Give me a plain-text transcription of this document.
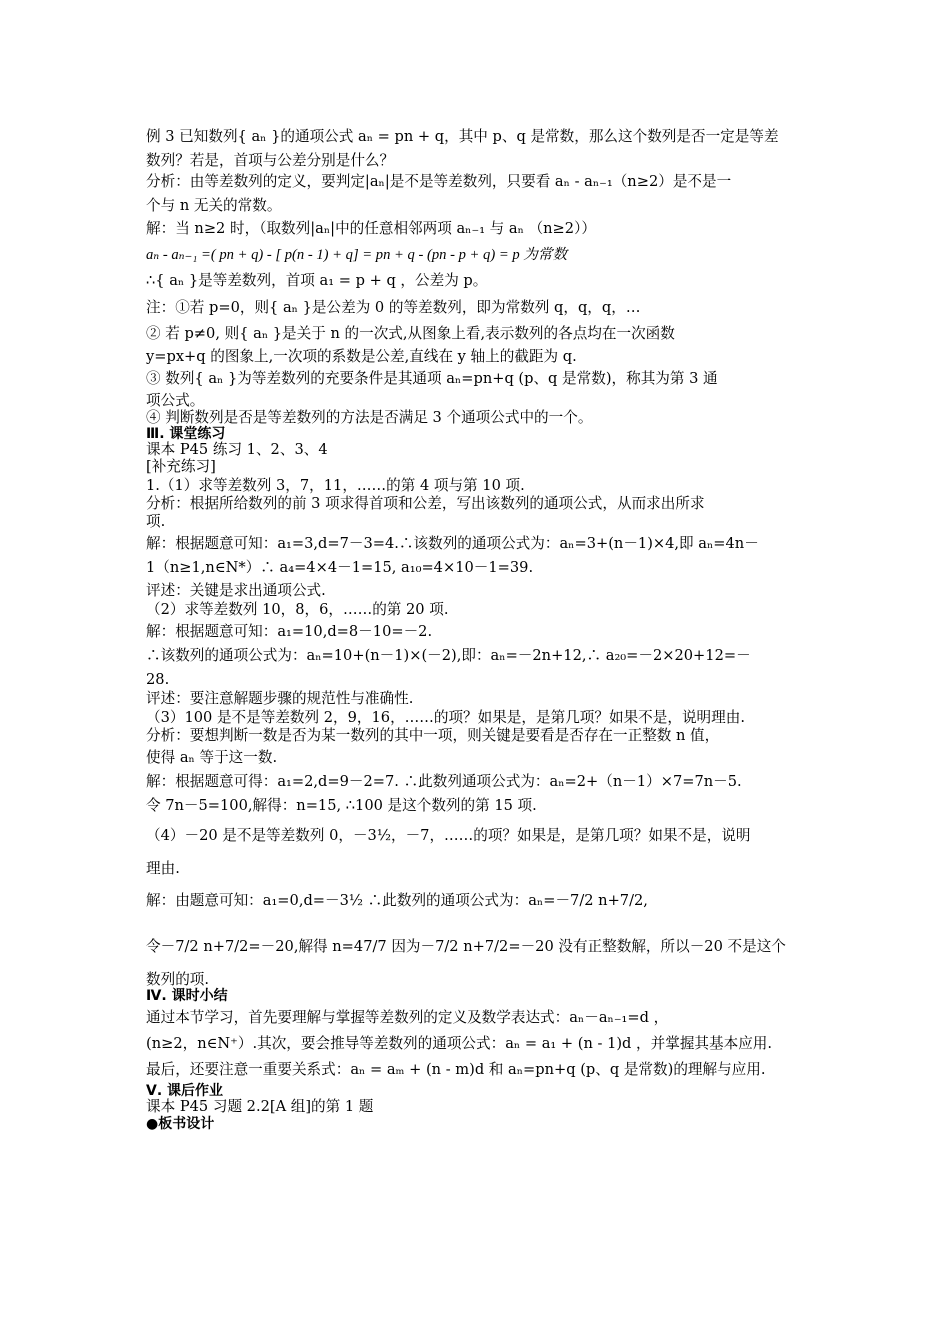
例 3 已知数列{ aₙ }的通项公式 aₙ = pn + q，其中 p、q 是常数，那么这个数列是否一定是等差
数列？若是，首项与公差分别是什么？
分析：由等差数列的定义，要判定|aₙ|是不是等差数列，只要看 aₙ - aₙ₋₁（n≥2）是不是一
个与 n 无关的常数。
解：当 n≥2 时，（取数列|aₙ|中的任意相邻两项 aₙ₋₁ 与 aₙ （n≥2））
aₙ - aₙ₋₁ =( pn + q) - [ p(n - 1) + q] = pn + q - (pn - p + q) = p 为常数
∴{ aₙ }是等差数列，首项 a₁ = p + q ，公差为 p。
注：①若 p=0，则{ aₙ }是公差为 0 的等差数列，即为常数列 q，q，q，…
② 若 p≠0, 则{ aₙ }是关于 n 的一次式,从图象上看,表示数列的各点均在一次函数
y=px+q 的图象上,一次项的系数是公差,直线在 y 轴上的截距为 q.
③ 数列{ aₙ }为等差数列的充要条件是其通项 aₙ=pn+q (p、q 是常数)，称其为第 3 通
项公式。
④ 判断数列是否是等差数列的方法是否满足 3 个通项公式中的一个。
Ⅲ. 课堂练习
课本 P45 练习 1、2、3、4
[补充练习]
1.（1）求等差数列 3，7，11，……的第 4 项与第 10 项.
分析：根据所给数列的前 3 项求得首项和公差，写出该数列的通项公式，从而求出所求
项.
解：根据题意可知：a₁=3,d=7－3=4.∴该数列的通项公式为：aₙ=3+(n－1)×4,即 aₙ=4n－
1（n≥1,n∈N*）∴ a₄=4×4－1=15, a₁₀=4×10－1=39.
评述：关键是求出通项公式.
（2）求等差数列 10，8，6，……的第 20 项.
解：根据题意可知：a₁=10,d=8－10=－2.
∴该数列的通项公式为：aₙ=10+(n－1)×(－2),即：aₙ=－2n+12,∴ a₂₀=－2×20+12=－
28.
评述：要注意解题步骤的规范性与准确性.
（3）100 是不是等差数列 2，9，16，……的项？如果是，是第几项？如果不是，说明理由.
分析：要想判断一数是否为某一数列的其中一项，则关键是要看是否存在一正整数 n 值，
使得 aₙ 等于这一数.
解：根据题意可得：a₁=2,d=9－2=7. ∴此数列通项公式为：aₙ=2+（n－1）×7=7n－5.
令 7n－5=100,解得：n=15, ∴100 是这个数列的第 15 项.
（4）－20 是不是等差数列 0，－3½，－7，……的项？如果是，是第几项？如果不是，说明
理由.
解：由题意可知：a₁=0,d=－3½ ∴此数列的通项公式为：aₙ=－7/2 n+7/2,
令－7/2 n+7/2=－20,解得 n=47/7 因为－7/2 n+7/2=－20 没有正整数解，所以－20 不是这个
数列的项.
Ⅳ. 课时小结
通过本节学习，首先要理解与掌握等差数列的定义及数学表达式：aₙ－aₙ₋₁=d ，
(n≥2，n∈N⁺）.其次，要会推导等差数列的通项公式：aₙ = a₁ + (n - 1)d ，并掌握其基本应用.
最后，还要注意一重要关系式：aₙ = aₘ + (n - m)d 和 aₙ=pn+q (p、q 是常数)的理解与应用.
Ⅴ. 课后作业
课本 P45 习题 2.2[A 组]的第 1 题
●板书设计
